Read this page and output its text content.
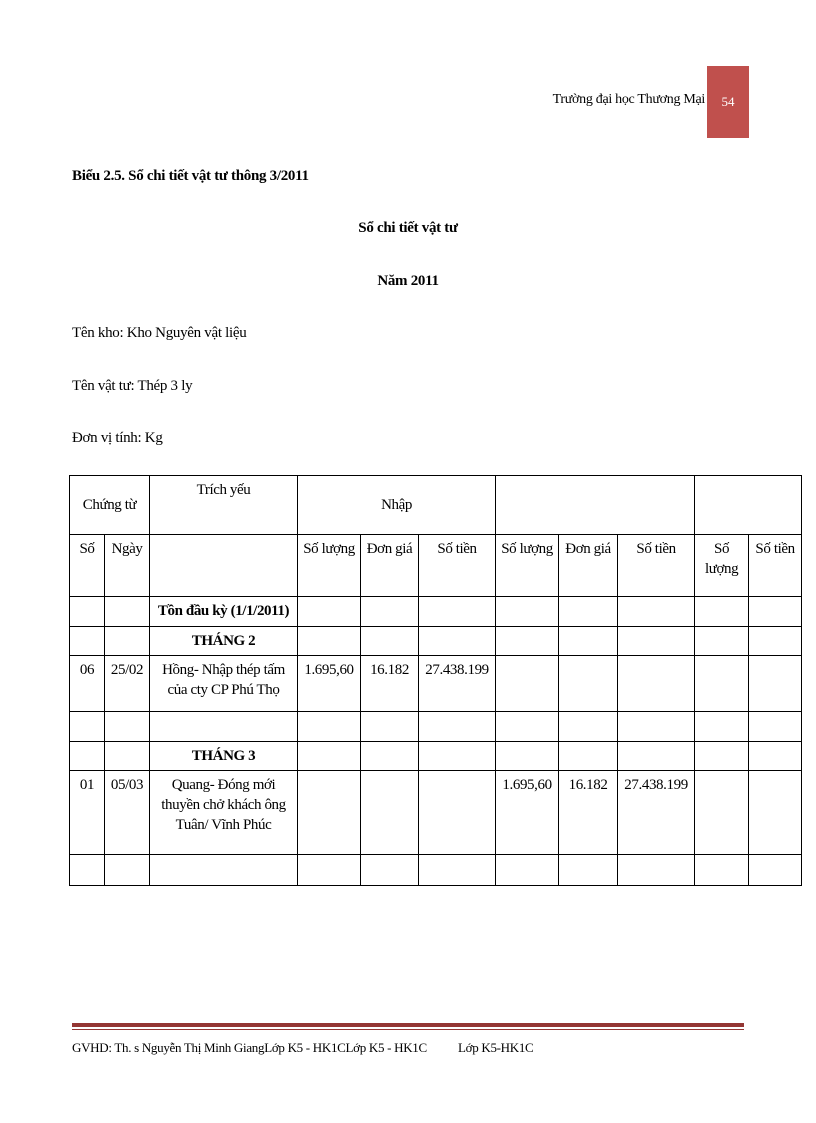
Trường đại học Thương Mại	54
Biểu 2.5. Sổ chi tiết vật tư thông 3/2011
Sổ chi tiết vật tư
Năm 2011
Tên kho: Kho Nguyên vật liệu
Tên vật tư: Thép 3 ly
Đơn vị tính: Kg
Chứng từ		Trích yếu	Nhập							
Số	Ngày		Số lượng	Đơn giá	Số tiền	Số lượng	Đơn giá	Số tiền	Số lượng	Số tiền
		Tồn đầu kỳ (1/1/2011)								
		THÁNG 2								
06	25/02	Hồng- Nhập thép tấm của cty CP Phú Thọ	1.695,60	16.182	27.438.199					

		THÁNG 3								
01	05/03	Quang- Đóng mới thuyền chở khách ông Tuân/ Vĩnh Phúc				1.695,60	16.182	27.438.199		

GVHD: Th. s Nguyễn Thị Minh GiangLớp K5 - HK1CLớp K5 - HK1C Lớp K5-HK1C
